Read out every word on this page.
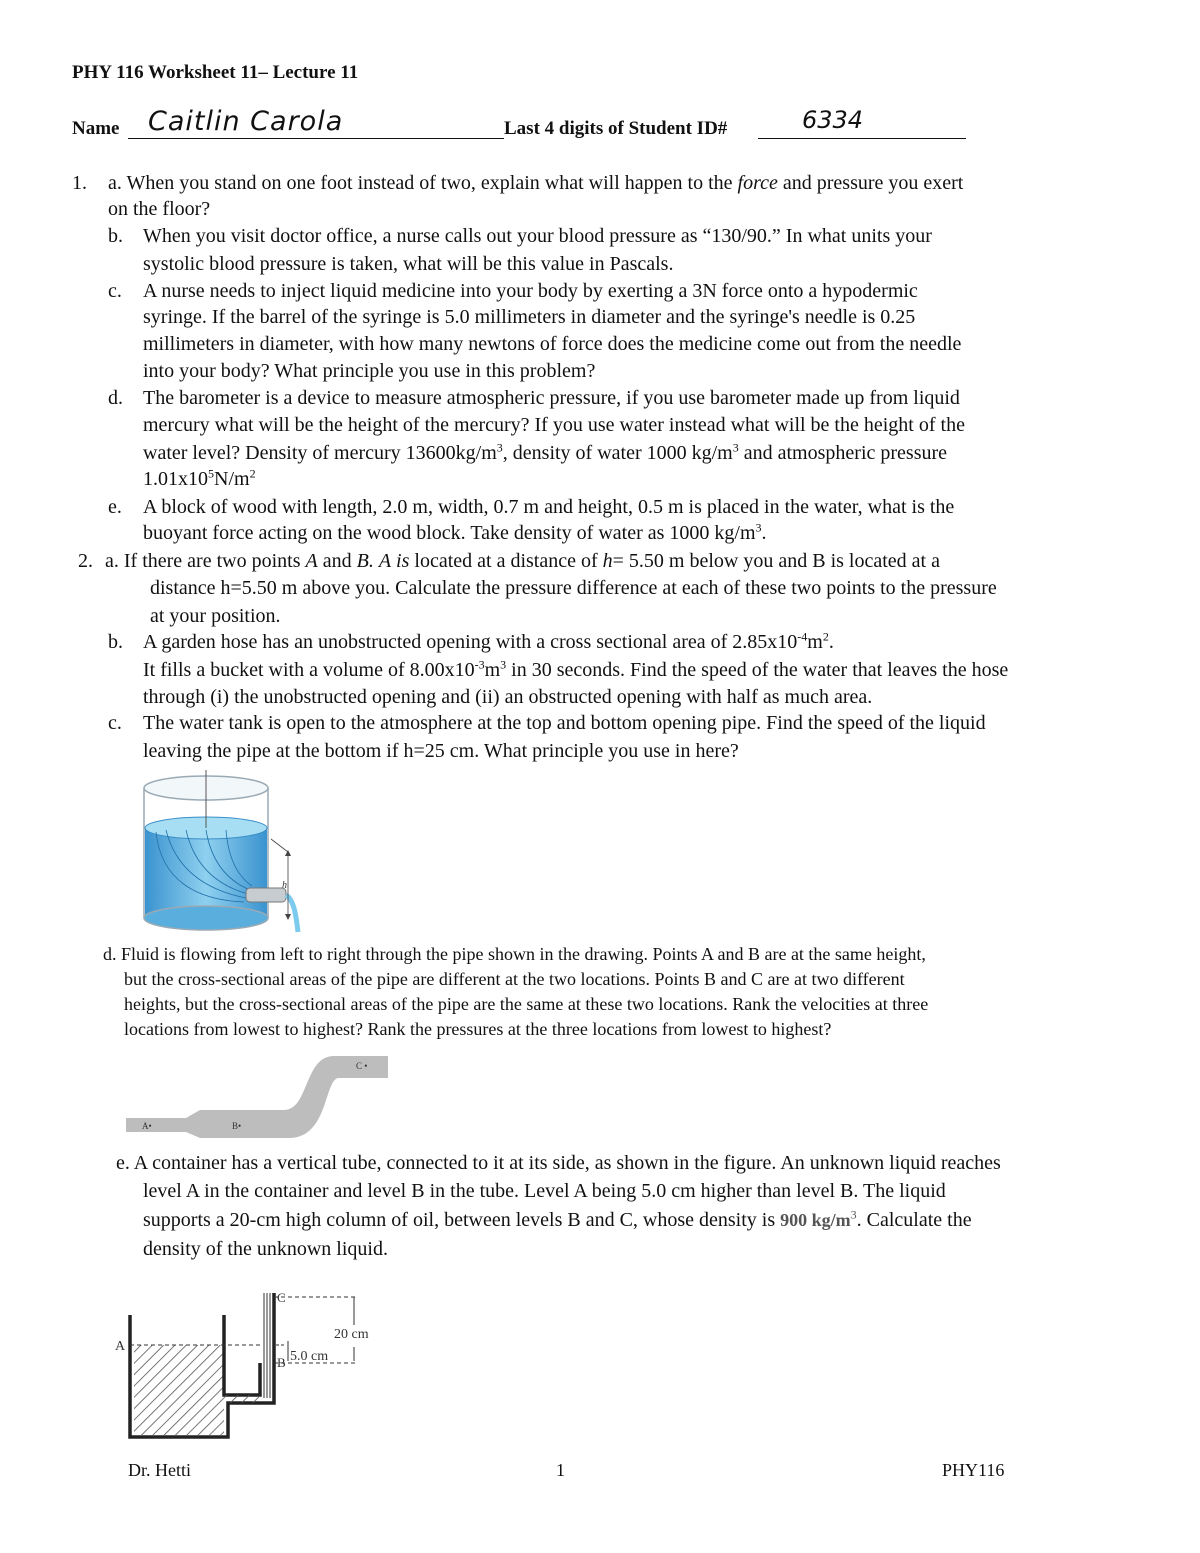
PHY 116 Worksheet 11– Lecture 11
Name Caitlin Carola	Last 4 digits of Student ID#	6334
1. a. When you stand on one foot instead of two, explain what will happen to the force and pressure you exert
on the floor?
b. When you visit doctor office, a nurse calls out your blood pressure as “130/90.” In what units your
systolic blood pressure is taken, what will be this value in Pascals.
c. A nurse needs to inject liquid medicine into your body by exerting a 3N force onto a hypodermic
syringe. If the barrel of the syringe is 5.0 millimeters in diameter and the syringe's needle is 0.25
millimeters in diameter, with how many newtons of force does the medicine come out from the needle
into your body? What principle you use in this problem?
d. The barometer is a device to measure atmospheric pressure, if you use barometer made up from liquid
mercury what will be the height of the mercury? If you use water instead what will be the height of the
water level? Density of mercury $13600kg/m^3$, density of water 1000 $kg/m^3$ and atmospheric pressure
$1.01x10^5N/m^2$
e. A block of wood with length, 2.0 m, width, 0.7 m and height, 0.5 m is placed in the water, what is the
buoyant force acting on the wood block. Take density of water as 1000 $kg/m^3$.
2. a. If there are two points A and B. A is located at a distance of h= 5.50 m below you and B is located at a
distance h=5.50 m above you. Calculate the pressure difference at each of these two points to the pressure
at your position.
b. A garden hose has an unobstructed opening with a cross sectional area of $2.85x10^{-4}m^2$.
It fills a bucket with a volume of $8.00x10^{-3}m^3$ in 30 seconds. Find the speed of the water that leaves the hose
through (i) the unobstructed opening and (ii) an obstructed opening with half as much area.
c. The water tank is open to the atmosphere at the top and bottom opening pipe. Find the speed of the liquid
leaving the pipe at the bottom if h=25 cm. What principle you use in here?
h
d. Fluid is flowing from left to right through the pipe shown in the drawing. Points A and B are at the same height,
but the cross-sectional areas of the pipe are different at the two locations. Points B and C are at two different
heights, but the cross-sectional areas of the pipe are the same at these two locations. Rank the velocities at three
locations from lowest to highest? Rank the pressures at the three locations from lowest to highest?
A•	B•
C •
e. A container has a vertical tube, connected to it at its side, as shown in the figure. An unknown liquid reaches
level A in the container and level B in the tube. Level A being 5.0 cm higher than level B. The liquid
supports a 20-cm high column of oil, between levels B and C, whose density is 900 $kg/m^3$. Calculate the
density of the unknown liquid.
A
B
C
20 cm
5.0 cm
Dr. Hetti	1	PHY116
